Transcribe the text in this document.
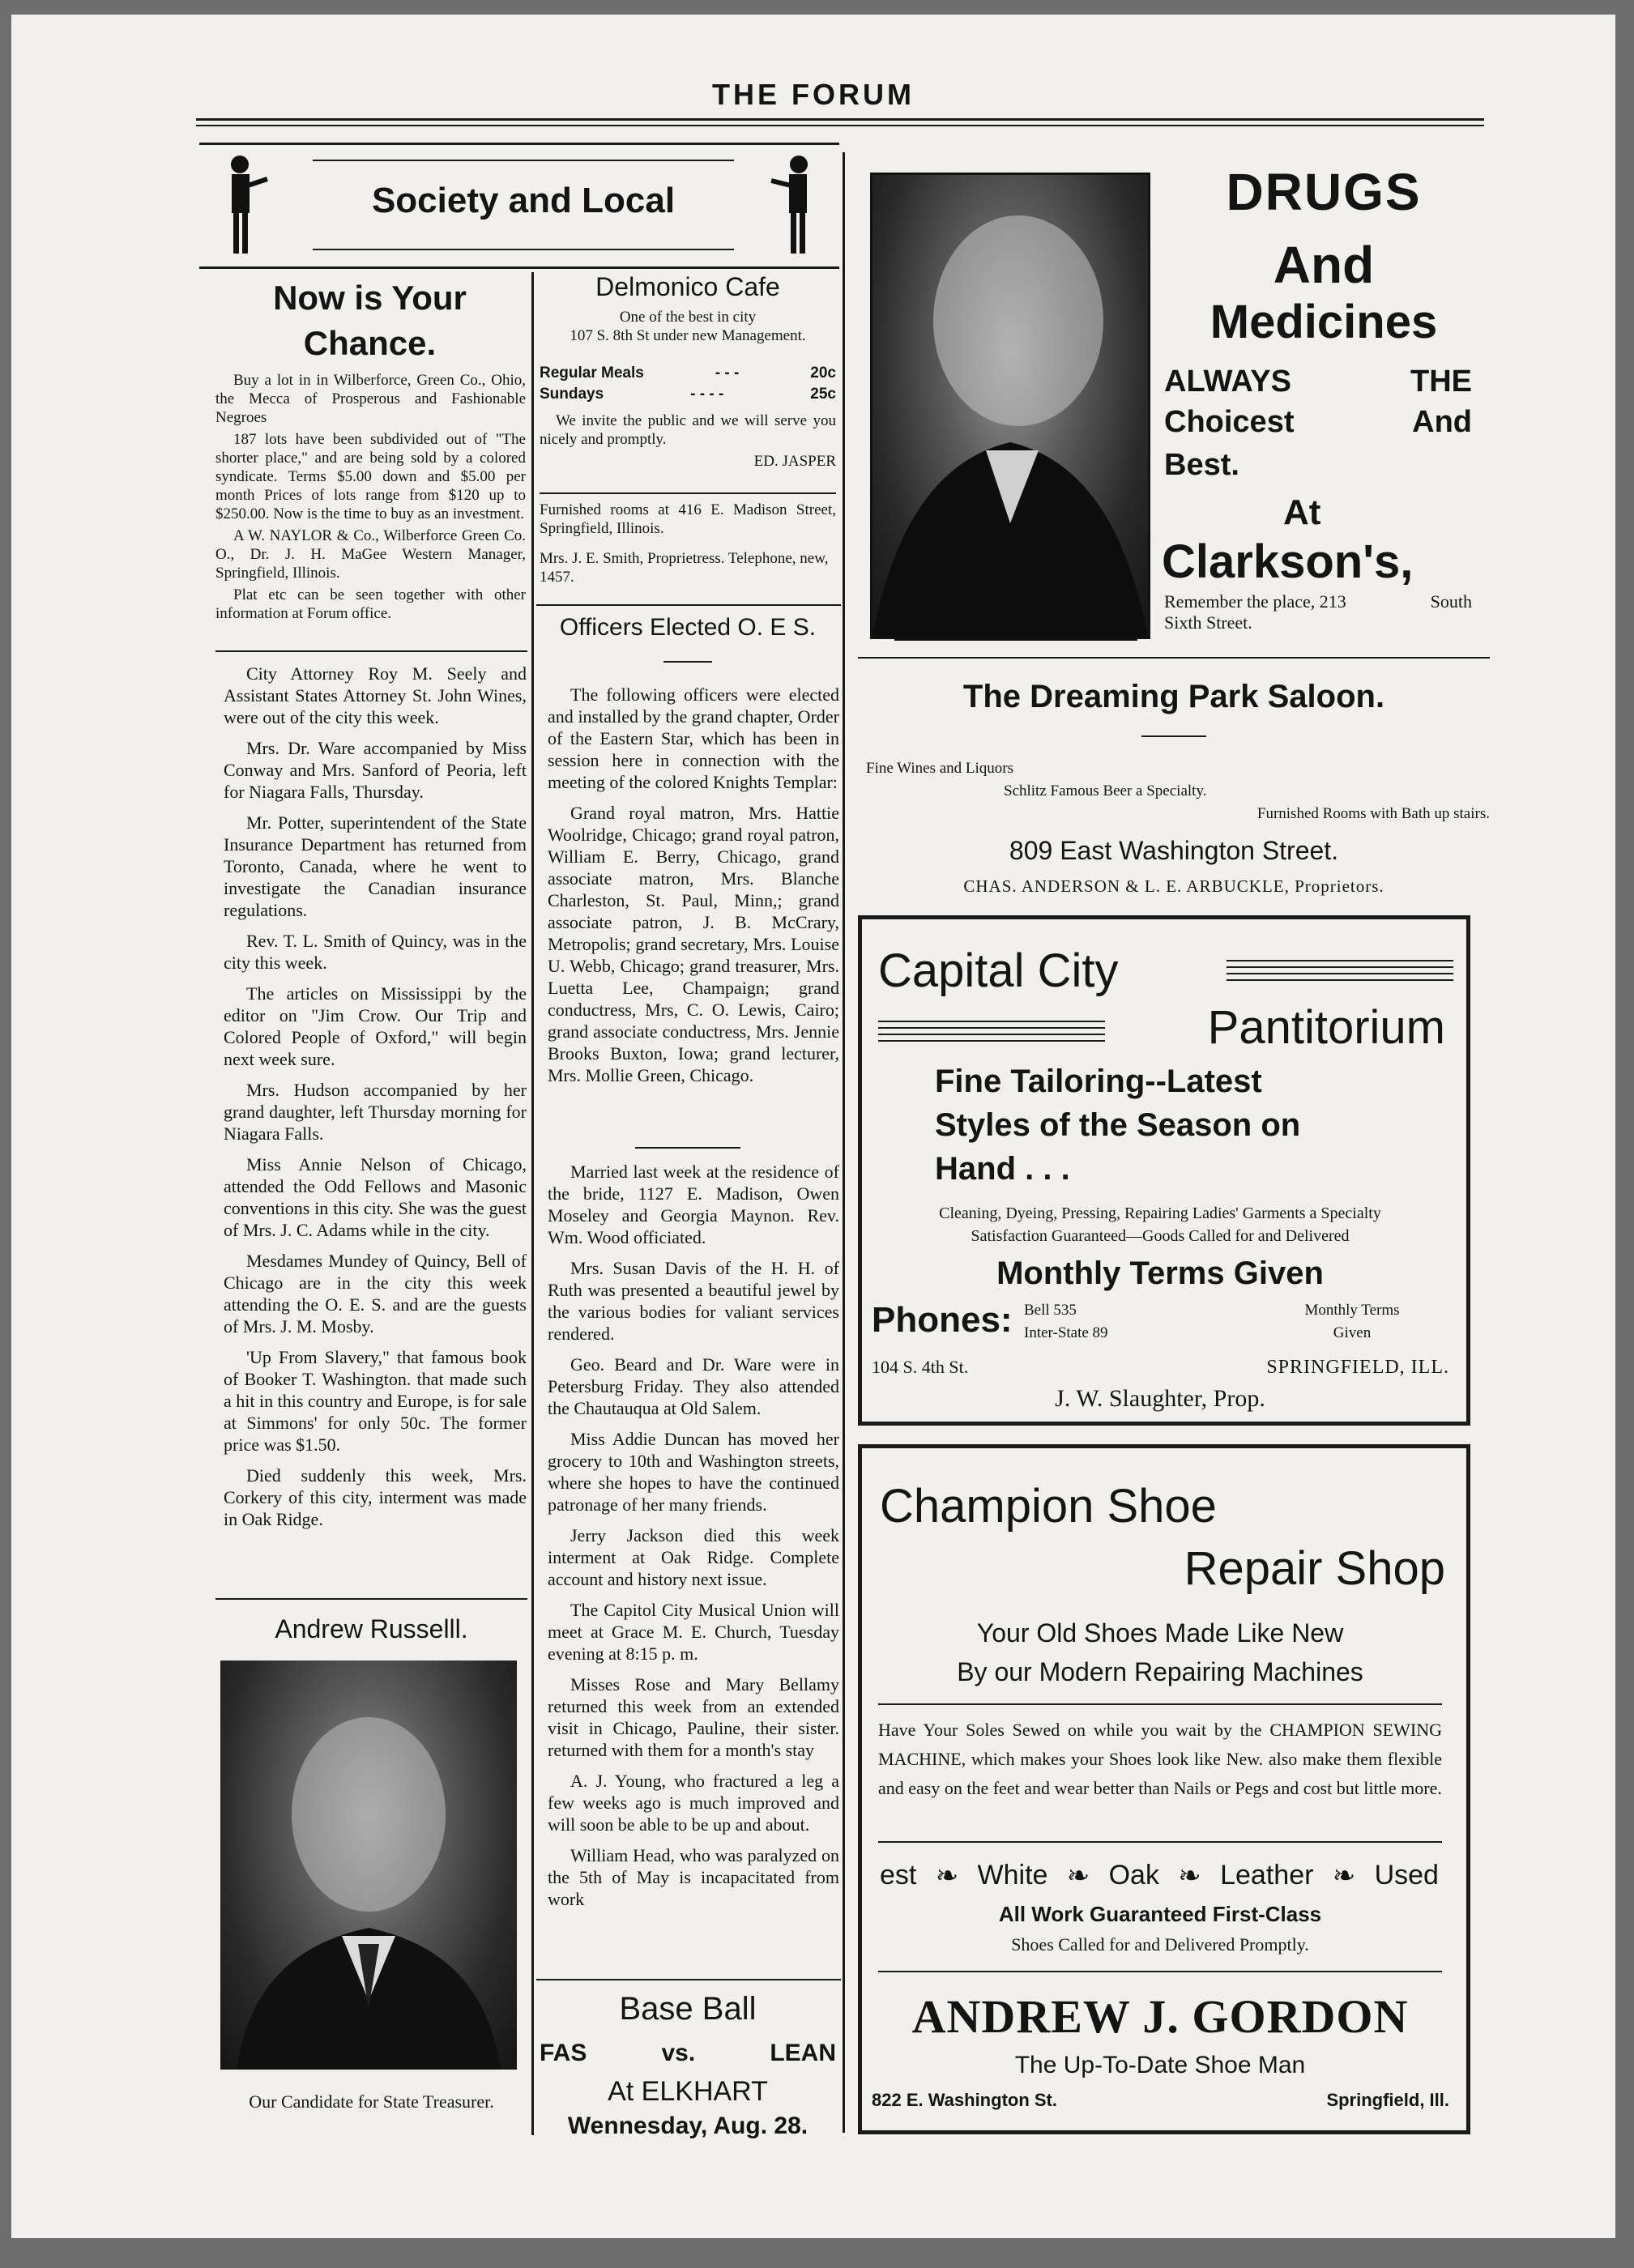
THE FORUM
Society and Local
Now is Your Chance.

Buy a lot in in Wilberforce, Green Co., Ohio, the Mecca of Prosperous and Fashionable Negroes

187 lots have been subdivided out of "The shorter place," and are being sold by a colored syndicate. Terms $5.00 down and $5.00 per month Prices of lots range from $120 up to $250.00. Now is the time to buy as an investment.

A W. NAYLOR & Co., Wilberforce Green Co. O., Dr. J. H. MaGee Western Manager, Springfield, Illinois.

Plat etc can be seen together with other information at Forum office.

City Attorney Roy M. Seely and Assistant States Attorney St. John Wines, were out of the city this week.

Mrs. Dr. Ware accompanied by Miss Conway and Mrs. Sanford of Peoria, left for Niagara Falls, Thursday.

Mr. Potter, superintendent of the State Insurance Department has returned from Toronto, Canada, where he went to investigate the Canadian insurance regulations.

Rev. T. L. Smith of Quincy, was in the city this week.

The articles on Mississippi by the editor on "Jim Crow. Our Trip and Colored People of Oxford," will begin next week sure.

Mrs. Hudson accompanied by her grand daughter, left Thursday morning for Niagara Falls.

Miss Annie Nelson of Chicago, attended the Odd Fellows and Masonic conventions in this city. She was the guest of Mrs. J. C. Adams while in the city.

Mesdames Mundey of Quincy, Bell of Chicago are in the city this week attending the O. E. S. and are the guests of Mrs. J. M. Mosby.

'Up From Slavery," that famous book of Booker T. Washington. that made such a hit in this country and Europe, is for sale at Simmons' for only 50c. The former price was $1.50.

Died suddenly this week, Mrs. Corkery of this city, interment was made in Oak Ridge.

Andrew Russelll.
Our Candidate for State Treasurer.
Delmonico Cafe
One of the best in city
107 S. 8th St under new Management.
Regular Meals	- - -	20c
Sundays	- - - -	25c
We invite the public and we will serve you nicely and promptly.
ED. JASPER
Furnished rooms at 416 E. Madison Street, Springfield, Illinois.
Mrs. J. E. Smith, Proprietress. Telephone, new, 1457.
Officers Elected O. E S.

The following officers were elected and installed by the grand chapter, Order of the Eastern Star, which has been in session here in connection with the meeting of the colored Knights Templar:

Grand royal matron, Mrs. Hattie Woolridge, Chicago; grand royal patron, William E. Berry, Chicago, grand associate matron, Mrs. Blanche Charleston, St. Paul, Minn,; grand associate patron, J. B. McCrary, Metropolis; grand secretary, Mrs. Louise U. Webb, Chicago; grand treasurer, Mrs. Luetta Lee, Champaign; grand conductress, Mrs, C. O. Lewis, Cairo; grand associate conductress, Mrs. Jennie Brooks Buxton, Iowa; grand lecturer, Mrs. Mollie Green, Chicago.

Married last week at the residence of the bride, 1127 E. Madison, Owen Moseley and Georgia Maynon. Rev. Wm. Wood officiated.

Mrs. Susan Davis of the H. H. of Ruth was presented a beautiful jewel by the various bodies for valiant services rendered.

Geo. Beard and Dr. Ware were in Petersburg Friday. They also attended the Chautauqua at Old Salem.

Miss Addie Duncan has moved her grocery to 10th and Washington streets, where she hopes to have the continued patronage of her many friends.

Jerry Jackson died this week interment at Oak Ridge. Complete account and history next issue.

The Capitol City Musical Union will meet at Grace M. E. Church, Tuesday evening at 8:15 p. m.

Misses Rose and Mary Bellamy returned this week from an extended visit in Chicago, Pauline, their sister. returned with them for a month's stay

A. J. Young, who fractured a leg a few weeks ago is much improved and will soon be able to be up and about.

William Head, who was paralyzed on the 5th of May is incapacitated from work

Base Ball
FAS	vs.	LEAN
At ELKHART
Wennesday, Aug. 28.
DRUGS
And
Medicines
ALWAYS	THE
Choicest	And
Best.
At
Clarkson's,
Remember the place, 213	South
Sixth Street.
The Dreaming Park Saloon.
Fine Wines and Liquors
Schlitz Famous Beer a Specialty.
Furnished Rooms with Bath up stairs.
809 East Washington Street.
CHAS. ANDERSON & L. E. ARBUCKLE, Proprietors.
Capital City
Pantitorium
Fine Tailoring--Latest
Styles of the Season on
Hand . . .
Cleaning, Dyeing, Pressing, Repairing Ladies' Garments a Specialty
Satisfaction Guaranteed—Goods Called for and Delivered
Monthly Terms Given
Phones: Bell 535
Inter-State 89
Monthly Terms
Given
104 S. 4th St.	SPRINGFIELD, ILL.
J. W. Slaughter, Prop.
Champion Shoe
Repair Shop
Your Old Shoes Made Like New
By our Modern Repairing Machines
Have Your Soles Sewed on while you wait by the CHAMPION SEWING MACHINE, which makes your Shoes look like New. also make them flexible and easy on the feet and wear better than Nails or Pegs and cost but little more.
est ❧ White ❧ Oak ❧ Leather ❧ Used
All Work Guaranteed First-Class
Shoes Called for and Delivered Promptly.
ANDREW J. GORDON
The Up-To-Date Shoe Man
822 E. Washington St.	Springfield, Ill.
